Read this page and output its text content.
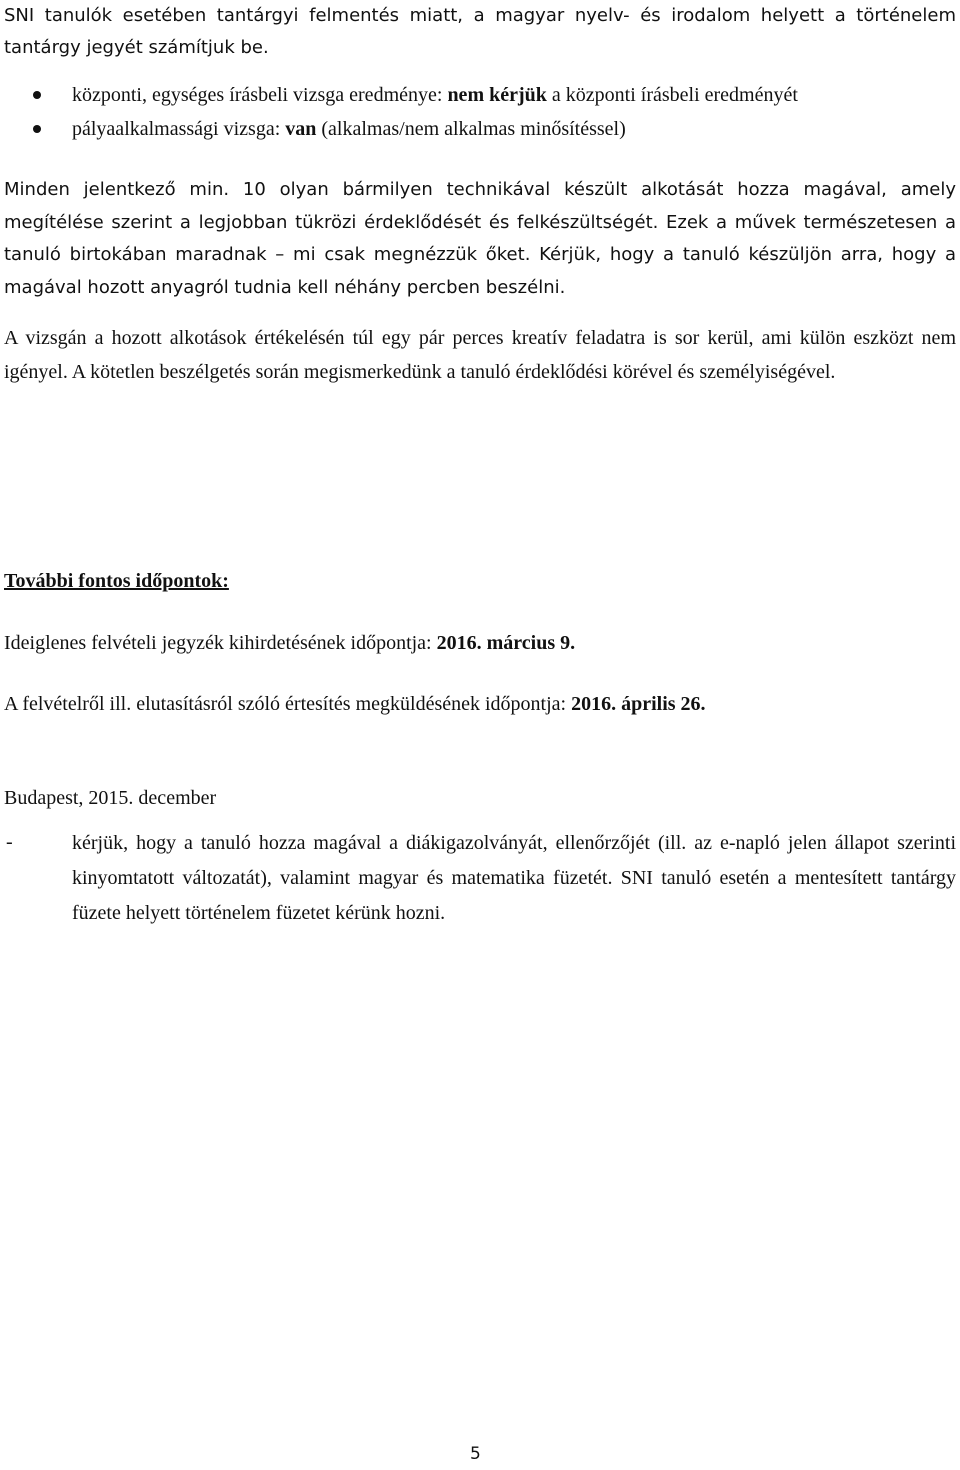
SNI tanulók esetében tantárgyi felmentés miatt, a magyar nyelv- és irodalom helyett a történelem tantárgy jegyét számítjuk be.

központi, egységes írásbeli vizsga eredménye: nem kérjük a központi írásbeli eredményét
pályaalkalmassági vizsga: van (alkalmas/nem alkalmas minősítéssel)

Minden jelentkező min. 10 olyan bármilyen technikával készült alkotását hozza magával, amely megítélése szerint a legjobban tükrözi érdeklődését és felkészültségét. Ezek a művek természetesen a tanuló birtokában maradnak – mi csak megnézzük őket. Kérjük, hogy a tanuló készüljön arra, hogy a magával hozott anyagról tudnia kell néhány percben beszélni.

A vizsgán a hozott alkotások értékelésén túl egy pár perces kreatív feladatra is sor kerül, ami külön eszközt nem igényel. A kötetlen beszélgetés során megismerkedünk a tanuló érdeklődési körével és személyiségével.

-	kérjük, hogy a tanuló hozza magával a diákigazolványát, ellenőrzőjét (ill. az e-napló jelen állapot szerinti kinyomtatott változatát), valamint magyar és matematika füzetét. SNI tanuló esetén a mentesített tantárgy füzete helyett történelem füzetet kérünk hozni.
További fontos időpontok:
Ideiglenes felvételi jegyzék kihirdetésének időpontja: 2016. március 9.
A felvételről ill. elutasításról szóló értesítés megküldésének időpontja: 2016. április 26.
Budapest, 2015. december
5
